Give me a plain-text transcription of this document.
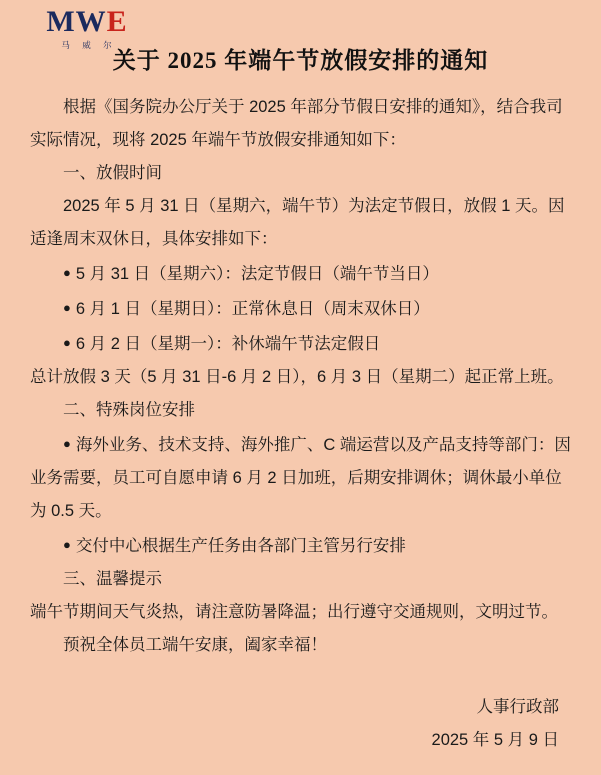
MWE
马 威 尔
关于 2025 年端午节放假安排的通知

根据《国务院办公厅关于 2025 年部分节假日安排的通知》，结合我司实际情况，现将 2025 年端午节放假安排通知如下：

一、放假时间

2025 年 5 月 31 日（星期六，端午节）为法定节假日，放假 1 天。因适逢周末双休日，具体安排如下：

● 5 月 31 日（星期六）：法定节假日（端午节当日）

● 6 月 1 日（星期日）：正常休息日（周末双休日）

● 6 月 2 日（星期一）：补休端午节法定假日

总计放假 3 天（5 月 31 日-6 月 2 日），6 月 3 日（星期二）起正常上班。

二、特殊岗位安排

● 海外业务、技术支持、海外推广、C 端运营以及产品支持等部门：因业务需要，员工可自愿申请 6 月 2 日加班，后期安排调休；调休最小单位为 0.5 天。

● 交付中心根据生产任务由各部门主管另行安排

三、温馨提示

端午节期间天气炎热，请注意防暑降温；出行遵守交通规则，文明过节。

预祝全体员工端午安康，阖家幸福！

人事行政部
2025 年 5 月 9 日
